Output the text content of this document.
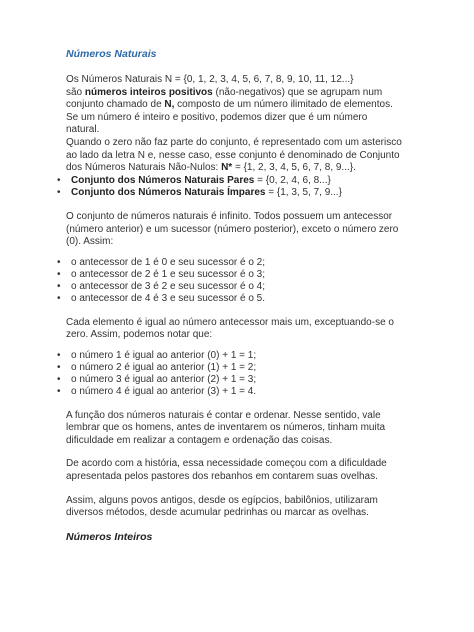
Números Naturais

Os Números Naturais N = {0, 1, 2, 3, 4, 5, 6, 7, 8, 9, 10, 11, 12...}

são números inteiros positivos (não-negativos) que se agrupam num

conjunto chamado de N, composto de um número ilimitado de elementos.

Se um número é inteiro e positivo, podemos dizer que é um número

natural.

Quando o zero não faz parte do conjunto, é representado com um asterisco

ao lado da letra N e, nesse caso, esse conjunto é denominado de Conjunto

dos Números Naturais Não-Nulos: N* = {1, 2, 3, 4, 5, 6, 7, 8, 9...}.

• Conjunto dos Números Naturais Pares = {0, 2, 4, 6, 8...}
• Conjunto dos Números Naturais Ímpares = {1, 3, 5, 7, 9...}

O conjunto de números naturais é infinito. Todos possuem um antecessor

(número anterior) e um sucessor (número posterior), exceto o número zero

(0). Assim:

• o antecessor de 1 é 0 e seu sucessor é o 2;
• o antecessor de 2 é 1 e seu sucessor é o 3;
• o antecessor de 3 é 2 e seu sucessor é o 4;
• o antecessor de 4 é 3 e seu sucessor é o 5.

Cada elemento é igual ao número antecessor mais um, exceptuando-se o

zero. Assim, podemos notar que:

• o número 1 é igual ao anterior (0) + 1 = 1;
• o número 2 é igual ao anterior (1) + 1 = 2;
• o número 3 é igual ao anterior (2) + 1 = 3;
• o número 4 é igual ao anterior (3) + 1 = 4.

A função dos números naturais é contar e ordenar. Nesse sentido, vale

lembrar que os homens, antes de inventarem os números, tinham muita

dificuldade em realizar a contagem e ordenação das coisas.

De acordo com a história, essa necessidade começou com a dificuldade

apresentada pelos pastores dos rebanhos em contarem suas ovelhas.

Assim, alguns povos antigos, desde os egípcios, babilônios, utilizaram

diversos métodos, desde acumular pedrinhas ou marcar as ovelhas.

Números Inteiros
